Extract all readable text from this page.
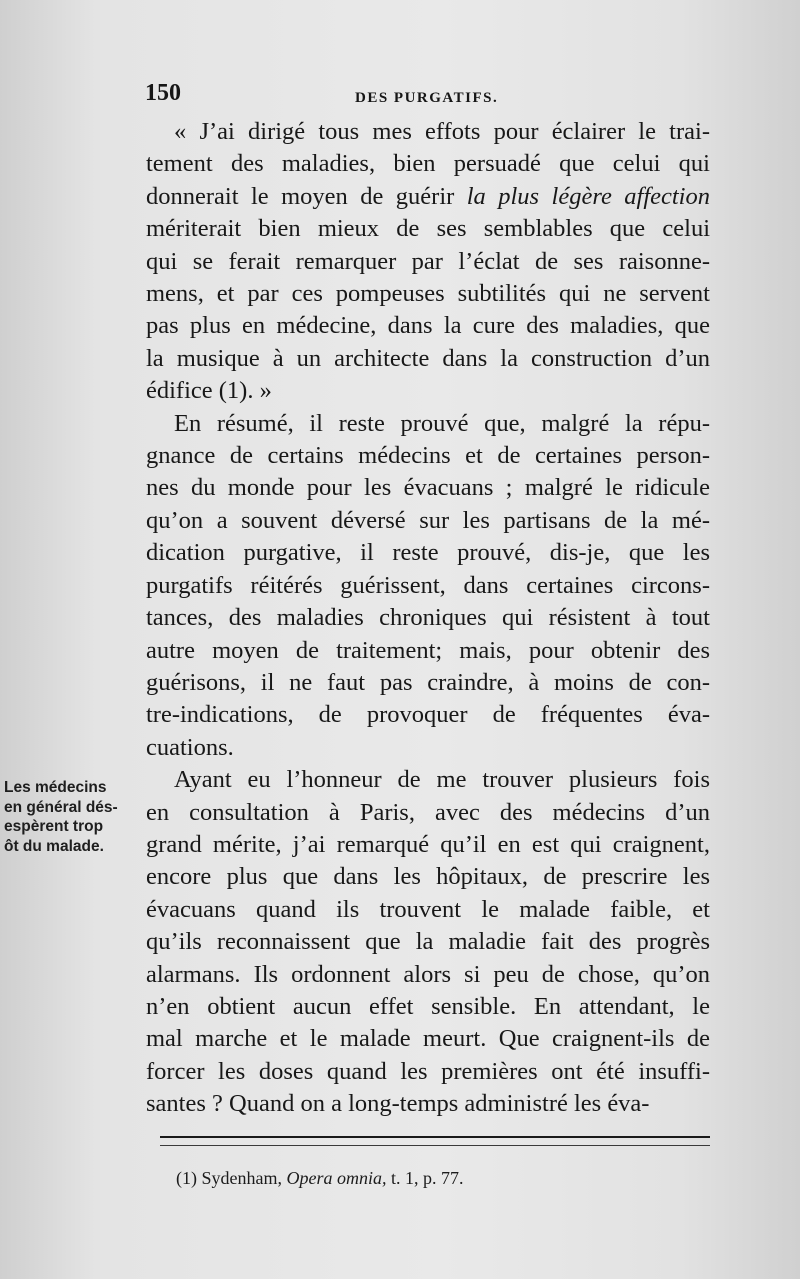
150	DES PURGATIFS.
Les médecins
en général dés-
espèrent trop
ôt du malade.

« J’ai dirigé tous mes effots pour éclairer le trai-
tement des maladies, bien persuadé que celui qui
donnerait le moyen de guérir la plus légère affection
mériterait bien mieux de ses semblables que celui
qui se ferait remarquer par l’éclat de ses raisonne-
mens, et par ces pompeuses subtilités qui ne servent
pas plus en médecine, dans la cure des maladies, que
la musique à un architecte dans la construction d’un
édifice (1). »

En résumé, il reste prouvé que, malgré la répu-
gnance de certains médecins et de certaines person-
nes du monde pour les évacuans ; malgré le ridicule
qu’on a souvent déversé sur les partisans de la mé-
dication purgative, il reste prouvé, dis-je, que les
purgatifs réitérés guérissent, dans certaines circons-
tances, des maladies chroniques qui résistent à tout
autre moyen de traitement; mais, pour obtenir des
guérisons, il ne faut pas craindre, à moins de con-
tre-indications, de provoquer de fréquentes éva-
cuations.

Ayant eu l’honneur de me trouver plusieurs fois
en consultation à Paris, avec des médecins d’un
grand mérite, j’ai remarqué qu’il en est qui craignent,
encore plus que dans les hôpitaux, de prescrire les
évacuans quand ils trouvent le malade faible, et
qu’ils reconnaissent que la maladie fait des progrès
alarmans. Ils ordonnent alors si peu de chose, qu’on
n’en obtient aucun effet sensible. En attendant, le
mal marche et le malade meurt. Que craignent-ils de
forcer les doses quand les premières ont été insuffi-
santes ? Quand on a long-temps administré les éva-

(1) Sydenham, Opera omnia, t. 1, p. 77.
